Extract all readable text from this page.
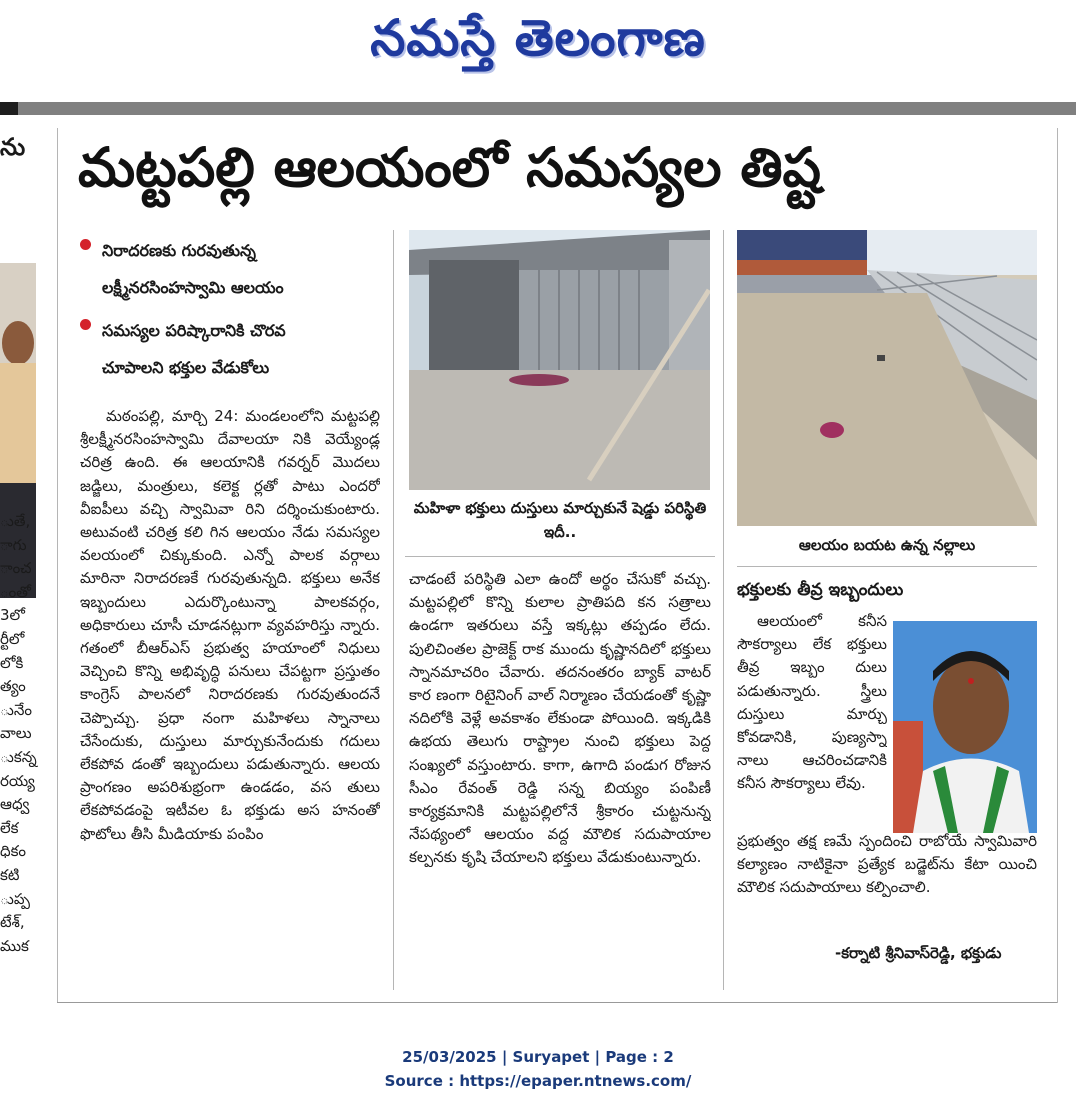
నమస్తే తెలంగాణ
ను
ుతే,
ాగు
ాంచ
ంతో
3లో
ర్టీలో
లోకి
త్యం
ునేం
వాలు
ుకన్న
రయ్య
ఆధ్వ
లేక
ధికం
కటి
ుప్ప
టేశ్,
ముక
మట్టపల్లి ఆలయంలో సమస్యల తిష్ట
నిరాదరణకు గురవుతున్న
లక్ష్మీనరసింహస్వామి ఆలయం
సమస్యల పరిష్కారానికి చొరవ
చూపాలని భక్తుల వేడుకోలు

మఠంపల్లి, మార్చి 24: మండలంలోని మట్టపల్లి శ్రీలక్ష్మీనరసింహస్వామి దేవాలయా నికి వెయ్యేండ్ల చరిత్ర ఉంది. ఈ ఆలయానికి గవర్నర్ మొదలు జడ్జిలు, మంత్రులు, కలెక్ట ర్లతో పాటు ఎందరో వీఐపీలు వచ్చి స్వామివా రిని దర్శించుకుంటారు. అటువంటి చరిత్ర కలి గిన ఆలయం నేడు సమస్యల వలయంలో చిక్కుకుంది. ఎన్నో పాలక వర్గాలు మారినా నిరాదరణకే గురవుతున్నది. భక్తులు అనేక ఇబ్బందులు ఎదుర్కొంటున్నా పాలకవర్గం, అధికారులు చూసీ చూడనట్లుగా వ్యవహరిస్తు న్నారు. గతంలో బీఆర్ఎస్ ప్రభుత్వ హయాంలో నిధులు వెచ్చించి కొన్ని అభివృద్ధి పనులు చేపట్టగా ప్రస్తుతం కాంగ్రెస్ పాలనలో నిరాదరణకు గురవుతుందనే చెప్పొచ్చు. ప్రధా నంగా మహిళలు స్నానాలు చేసేందుకు, దుస్తులు మార్చుకునేందుకు గదులు లేకపోవ డంతో ఇబ్బందులు పడుతున్నారు. ఆలయ ప్రాంగణం అపరిశుభ్రంగా ఉండడం, వస తులు లేకపోవడంపై ఇటీవల ఓ భక్తుడు అస హనంతో ఫొటోలు తీసి మీడియాకు పంపిం

మహిళా భక్తులు దుస్తులు మార్చుకునే షెడ్డు పరిస్థితి ఇదీ..

చాడంటే పరిస్థితి ఎలా ఉందో అర్థం చేసుకో వచ్చు. మట్టపల్లిలో కొన్ని కులాల ప్రాతిపది కన సత్రాలు ఉండగా ఇతరులు వస్తే ఇక్కట్లు తప్పడం లేదు. పులిచింతల ప్రాజెక్ట్ రాక ముందు కృష్ణానదిలో భక్తులు స్నానమాచరిం చేవారు. తదనంతరం బ్యాక్ వాటర్ కార ణంగా రిటైనింగ్ వాల్ నిర్మాణం చేయడంతో కృష్ణా నదిలోకి వెళ్లే అవకాశం లేకుండా పోయింది. ఇక్కడికి ఉభయ తెలుగు రాష్ట్రాల నుంచి భక్తులు పెద్ద సంఖ్యలో వస్తుంటారు. కాగా, ఉగాది పండుగ రోజున సీఎం రేవంత్ రెడ్డి సన్న బియ్యం పంపిణీ కార్యక్రమానికి మట్టపల్లిలోనే శ్రీకారం చుట్టనున్న నేపథ్యంలో ఆలయం వద్ద మౌలిక సదుపాయాల కల్పనకు కృషి చేయాలని భక్తులు వేడుకుంటున్నారు.

ఆలయం బయట ఉన్న నల్లాలు
భక్తులకు తీవ్ర ఇబ్బందులు

ఆలయంలో కనీస సౌకర్యాలు లేక భక్తులు తీవ్ర ఇబ్బం దులు పడుతున్నారు. స్త్రీలు దుస్తులు మార్చు కోవడానికి, పుణ్యస్నా నాలు ఆచరించడానికి కనీస సౌకర్యాలు లేవు.

ప్రభుత్వం తక్ష ణమే స్పందించి రాబోయే స్వామివారి కల్యాణం నాటికైనా ప్రత్యేక బడ్జెట్‌ను కేటా యించి మౌలిక సదుపాయాలు కల్పించాలి.

-కర్నాటి శ్రీనివాస్‌రెడ్డి, భక్తుడు
25/03/2025 | Suryapet | Page : 2
Source : https://epaper.ntnews.com/
